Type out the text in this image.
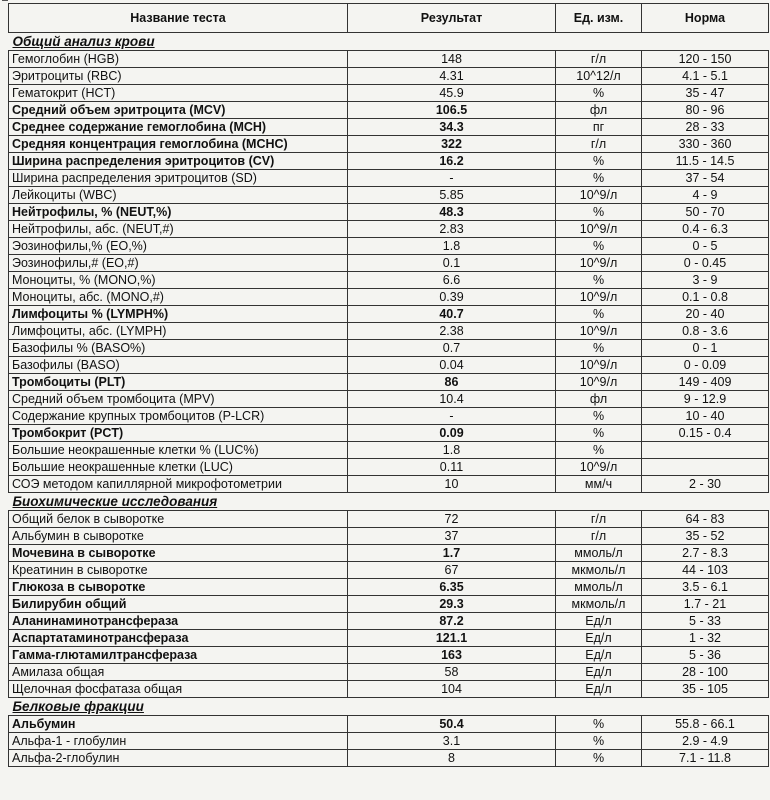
Название теста	Результат	Ед. изм.	Норма
Общий анализ крови			
Гемоглобин (HGB)	148	г/л	120 - 150
Эритроциты (RBC)	4.31	10^12/л	4.1 - 5.1
Гематокрит (HCT)	45.9	%	35 - 47
Средний объем эритроцита (MCV)	106.5	фл	80 - 96
Среднее содержание гемоглобина (MCH)	34.3	пг	28 - 33
Средняя концентрация гемоглобина (MCHC)	322	г/л	330 - 360
Ширина распределения эритроцитов (CV)	16.2	%	11.5 - 14.5
Ширина распределения эритроцитов (SD)	-	%	37 - 54
Лейкоциты (WBC)	5.85	10^9/л	4 - 9
Нейтрофилы, % (NEUT,%)	48.3	%	50 - 70
Нейтрофилы, абс. (NEUT,#)	2.83	10^9/л	0.4 - 6.3
Эозинофилы,% (EO,%)	1.8	%	0 - 5
Эозинофилы,# (EO,#)	0.1	10^9/л	0 - 0.45
Моноциты, % (MONO,%)	6.6	%	3 - 9
Моноциты, абс. (MONO,#)	0.39	10^9/л	0.1 - 0.8
Лимфоциты % (LYMPH%)	40.7	%	20 - 40
Лимфоциты, абс. (LYMPH)	2.38	10^9/л	0.8 - 3.6
Базофилы % (BASO%)	0.7	%	0 - 1
Базофилы (BASO)	0.04	10^9/л	0 - 0.09
Тромбоциты (PLT)	86	10^9/л	149 - 409
Средний объем тромбоцита (MPV)	10.4	фл	9 - 12.9
Содержание крупных тромбоцитов (P-LCR)	-	%	10 - 40
Тромбокрит (PCT)	0.09	%	0.15 - 0.4
Большие неокрашенные клетки % (LUC%)	1.8	%	
Большие неокрашенные клетки (LUC)	0.11	10^9/л	
СОЭ методом капиллярной микрофотометрии	10	мм/ч	2 - 30
Биохимические исследования			
Общий белок в сыворотке	72	г/л	64 - 83
Альбумин в сыворотке	37	г/л	35 - 52
Мочевина в сыворотке	1.7	ммоль/л	2.7 - 8.3
Креатинин в сыворотке	67	мкмоль/л	44 - 103
Глюкоза в сыворотке	6.35	ммоль/л	3.5 - 6.1
Билирубин общий	29.3	мкмоль/л	1.7 - 21
Аланинаминотрансфераза	87.2	Ед/л	5 - 33
Аспартатаминотрансфераза	121.1	Ед/л	1 - 32
Гамма-глютамилтрансфераза	163	Ед/л	5 - 36
Амилаза общая	58	Ед/л	28 - 100
Щелочная фосфатаза общая	104	Ед/л	35 - 105
Белковые фракции			
Альбумин	50.4	%	55.8 - 66.1
Альфа-1 - глобулин	3.1	%	2.9 - 4.9
Альфа-2-глобулин	8	%	7.1 - 11.8
